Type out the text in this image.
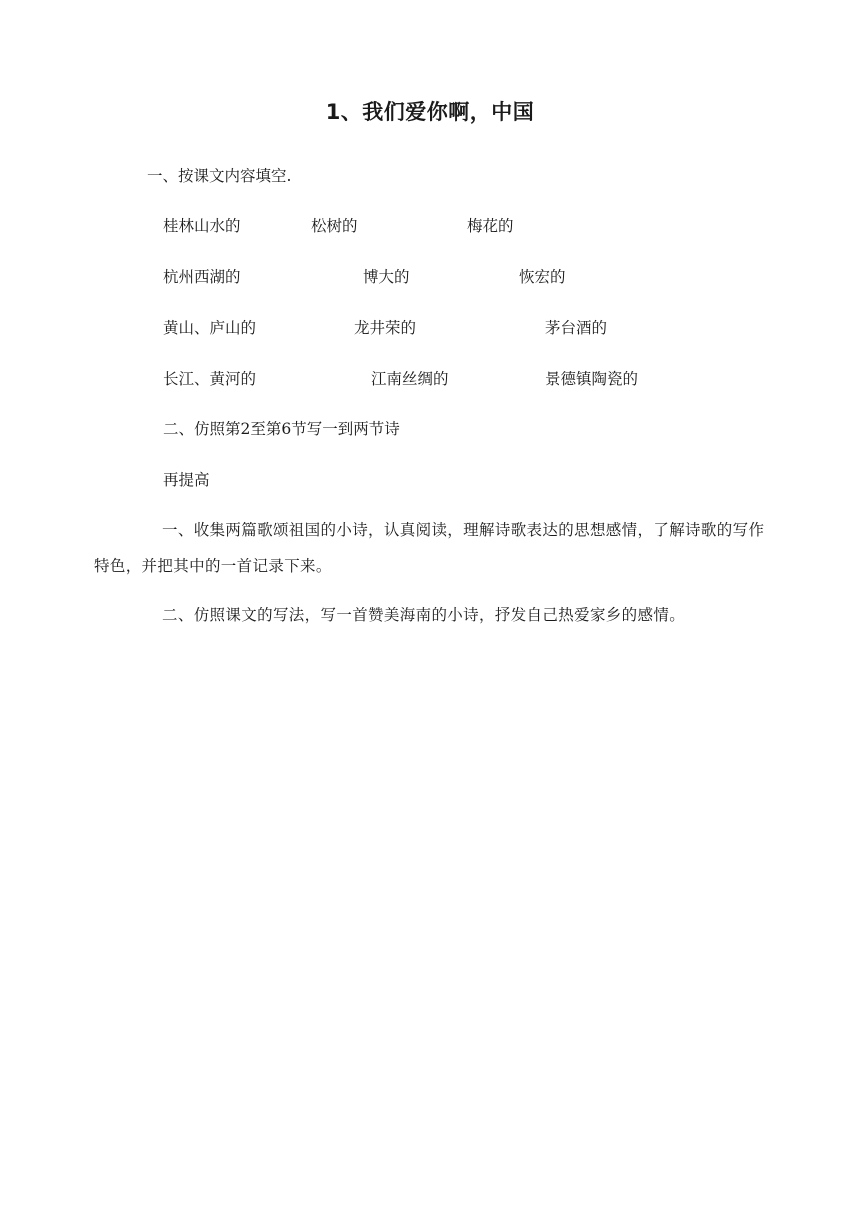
1、我们爱你啊，中国
一、按课文内容填空.
桂林山水的	松树的	梅花的
杭州西湖的	博大的	恢宏的
黄山、庐山的	龙井荣的	茅台酒的
长江、黄河的	江南丝绸的	景德镇陶瓷的
二、仿照第2至第6节写一到两节诗
再提高
一、收集两篇歌颂祖国的小诗，认真阅读，理解诗歌表达的思想感情，了解诗歌的写作特色，并把其中的一首记录下来。
二、仿照课文的写法，写一首赞美海南的小诗，抒发自己热爱家乡的感情。
